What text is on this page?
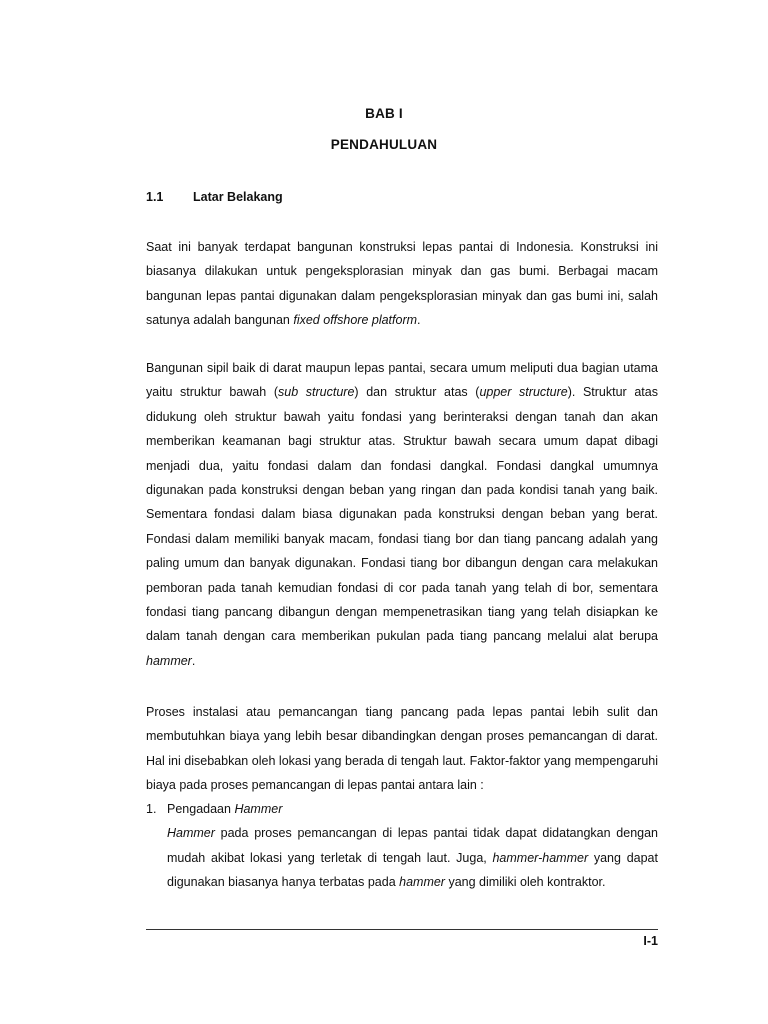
BAB I
PENDAHULUAN
1.1 Latar Belakang

Saat ini banyak terdapat bangunan konstruksi lepas pantai di Indonesia. Konstruksi ini biasanya dilakukan untuk pengeksplorasian minyak dan gas bumi. Berbagai macam bangunan lepas pantai digunakan dalam pengeksplorasian minyak dan gas bumi ini, salah satunya adalah bangunan fixed offshore platform.

Bangunan sipil baik di darat maupun lepas pantai, secara umum meliputi dua bagian utama yaitu struktur bawah (sub structure) dan struktur atas (upper structure). Struktur atas didukung oleh struktur bawah yaitu fondasi yang berinteraksi dengan tanah dan akan memberikan keamanan bagi struktur atas. Struktur bawah secara umum dapat dibagi menjadi dua, yaitu fondasi dalam dan fondasi dangkal. Fondasi dangkal umumnya digunakan pada konstruksi dengan beban yang ringan dan pada kondisi tanah yang baik. Sementara fondasi dalam biasa digunakan pada konstruksi dengan beban yang berat. Fondasi dalam memiliki banyak macam, fondasi tiang bor dan tiang pancang adalah yang paling umum dan banyak digunakan. Fondasi tiang bor dibangun dengan cara melakukan pemboran pada tanah kemudian fondasi di cor pada tanah yang telah di bor, sementara fondasi tiang pancang dibangun dengan mempenetrasikan tiang yang telah disiapkan ke dalam tanah dengan cara memberikan pukulan pada tiang pancang melalui alat berupa hammer.

Proses instalasi atau pemancangan tiang pancang pada lepas pantai lebih sulit dan membutuhkan biaya yang lebih besar dibandingkan dengan proses pemancangan di darat. Hal ini disebabkan oleh lokasi yang berada di tengah laut. Faktor-faktor yang mempengaruhi biaya pada proses pemancangan di lepas pantai antara lain :

1. Pengadaan Hammer
Hammer pada proses pemancangan di lepas pantai tidak dapat didatangkan dengan mudah akibat lokasi yang terletak di tengah laut. Juga, hammer-hammer yang dapat digunakan biasanya hanya terbatas pada hammer yang dimiliki oleh kontraktor.
I-1
